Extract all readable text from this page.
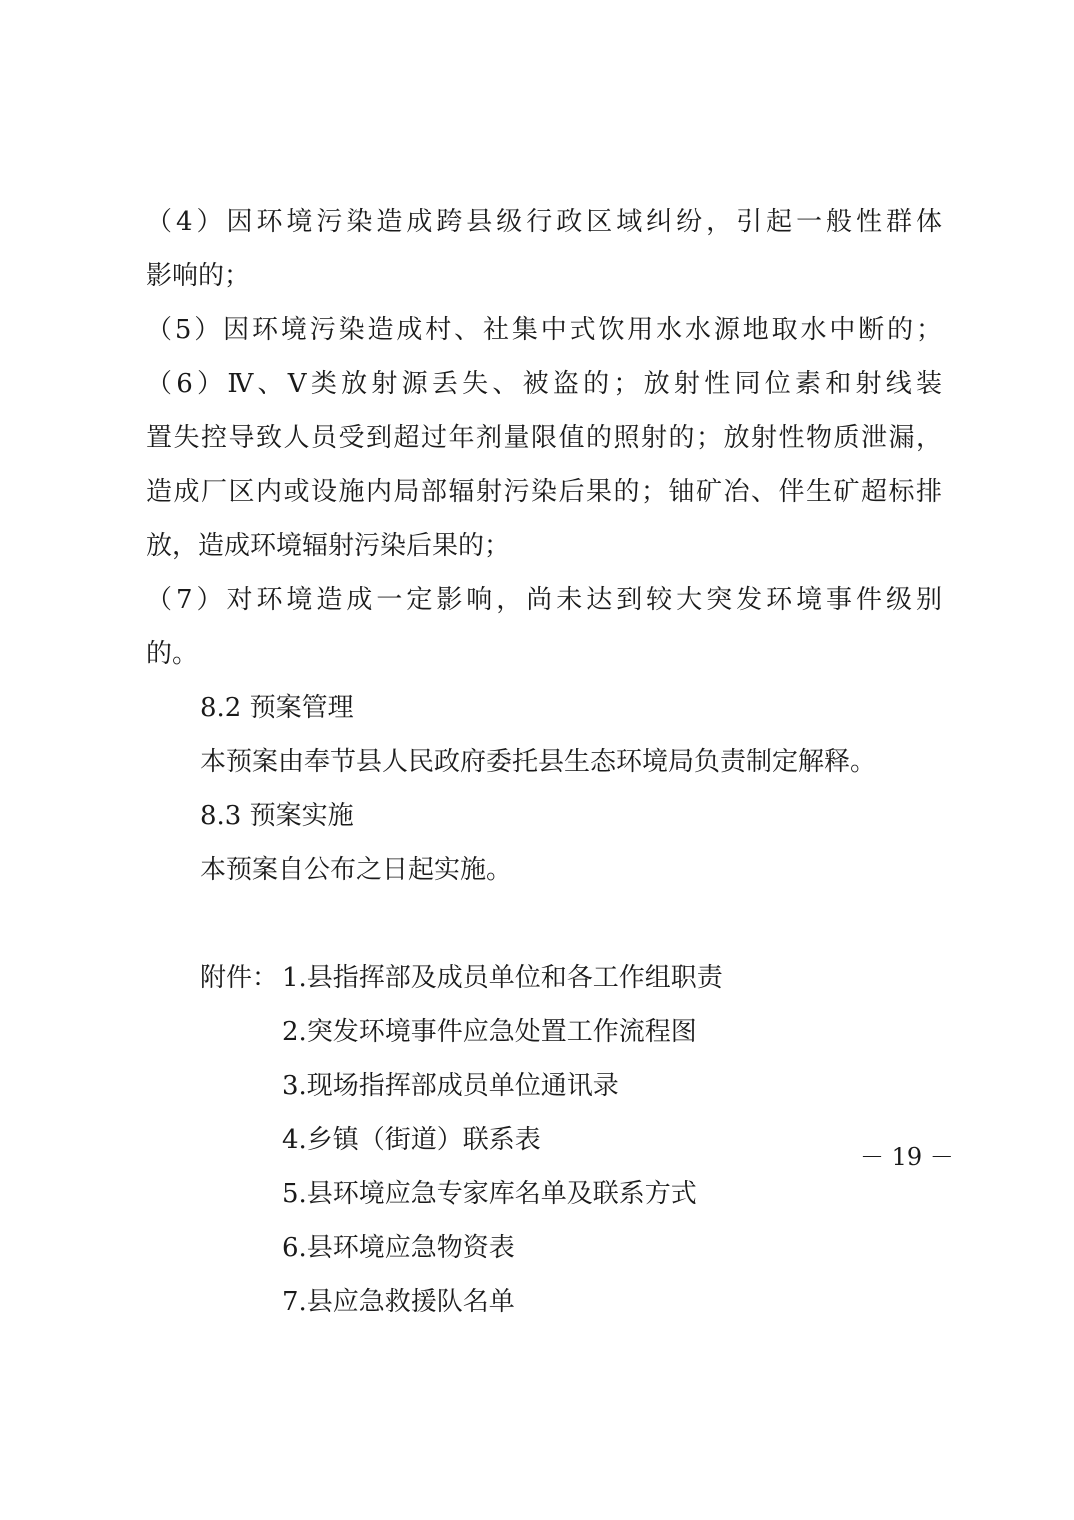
（4）因环境污染造成跨县级行政区域纠纷，引起一般性群体
影响的；
（5）因环境污染造成村、社集中式饮用水水源地取水中断的；
（6）Ⅳ、Ⅴ类放射源丢失、被盗的；放射性同位素和射线装
置失控导致人员受到超过年剂量限值的照射的；放射性物质泄漏，
造成厂区内或设施内局部辐射污染后果的；铀矿冶、伴生矿超标排
放，造成环境辐射污染后果的；
（7）对环境造成一定影响，尚未达到较大突发环境事件级别
的。
8.2 预案管理
本预案由奉节县人民政府委托县生态环境局负责制定解释。
8.3 预案实施
本预案自公布之日起实施。
附件： 1.县指挥部及成员单位和各工作组职责
2.突发环境事件应急处置工作流程图
3.现场指挥部成员单位通讯录
4.乡镇（街道）联系表
5.县环境应急专家库名单及联系方式
6.县环境应急物资表
7.县应急救援队名单
－ 19 －
